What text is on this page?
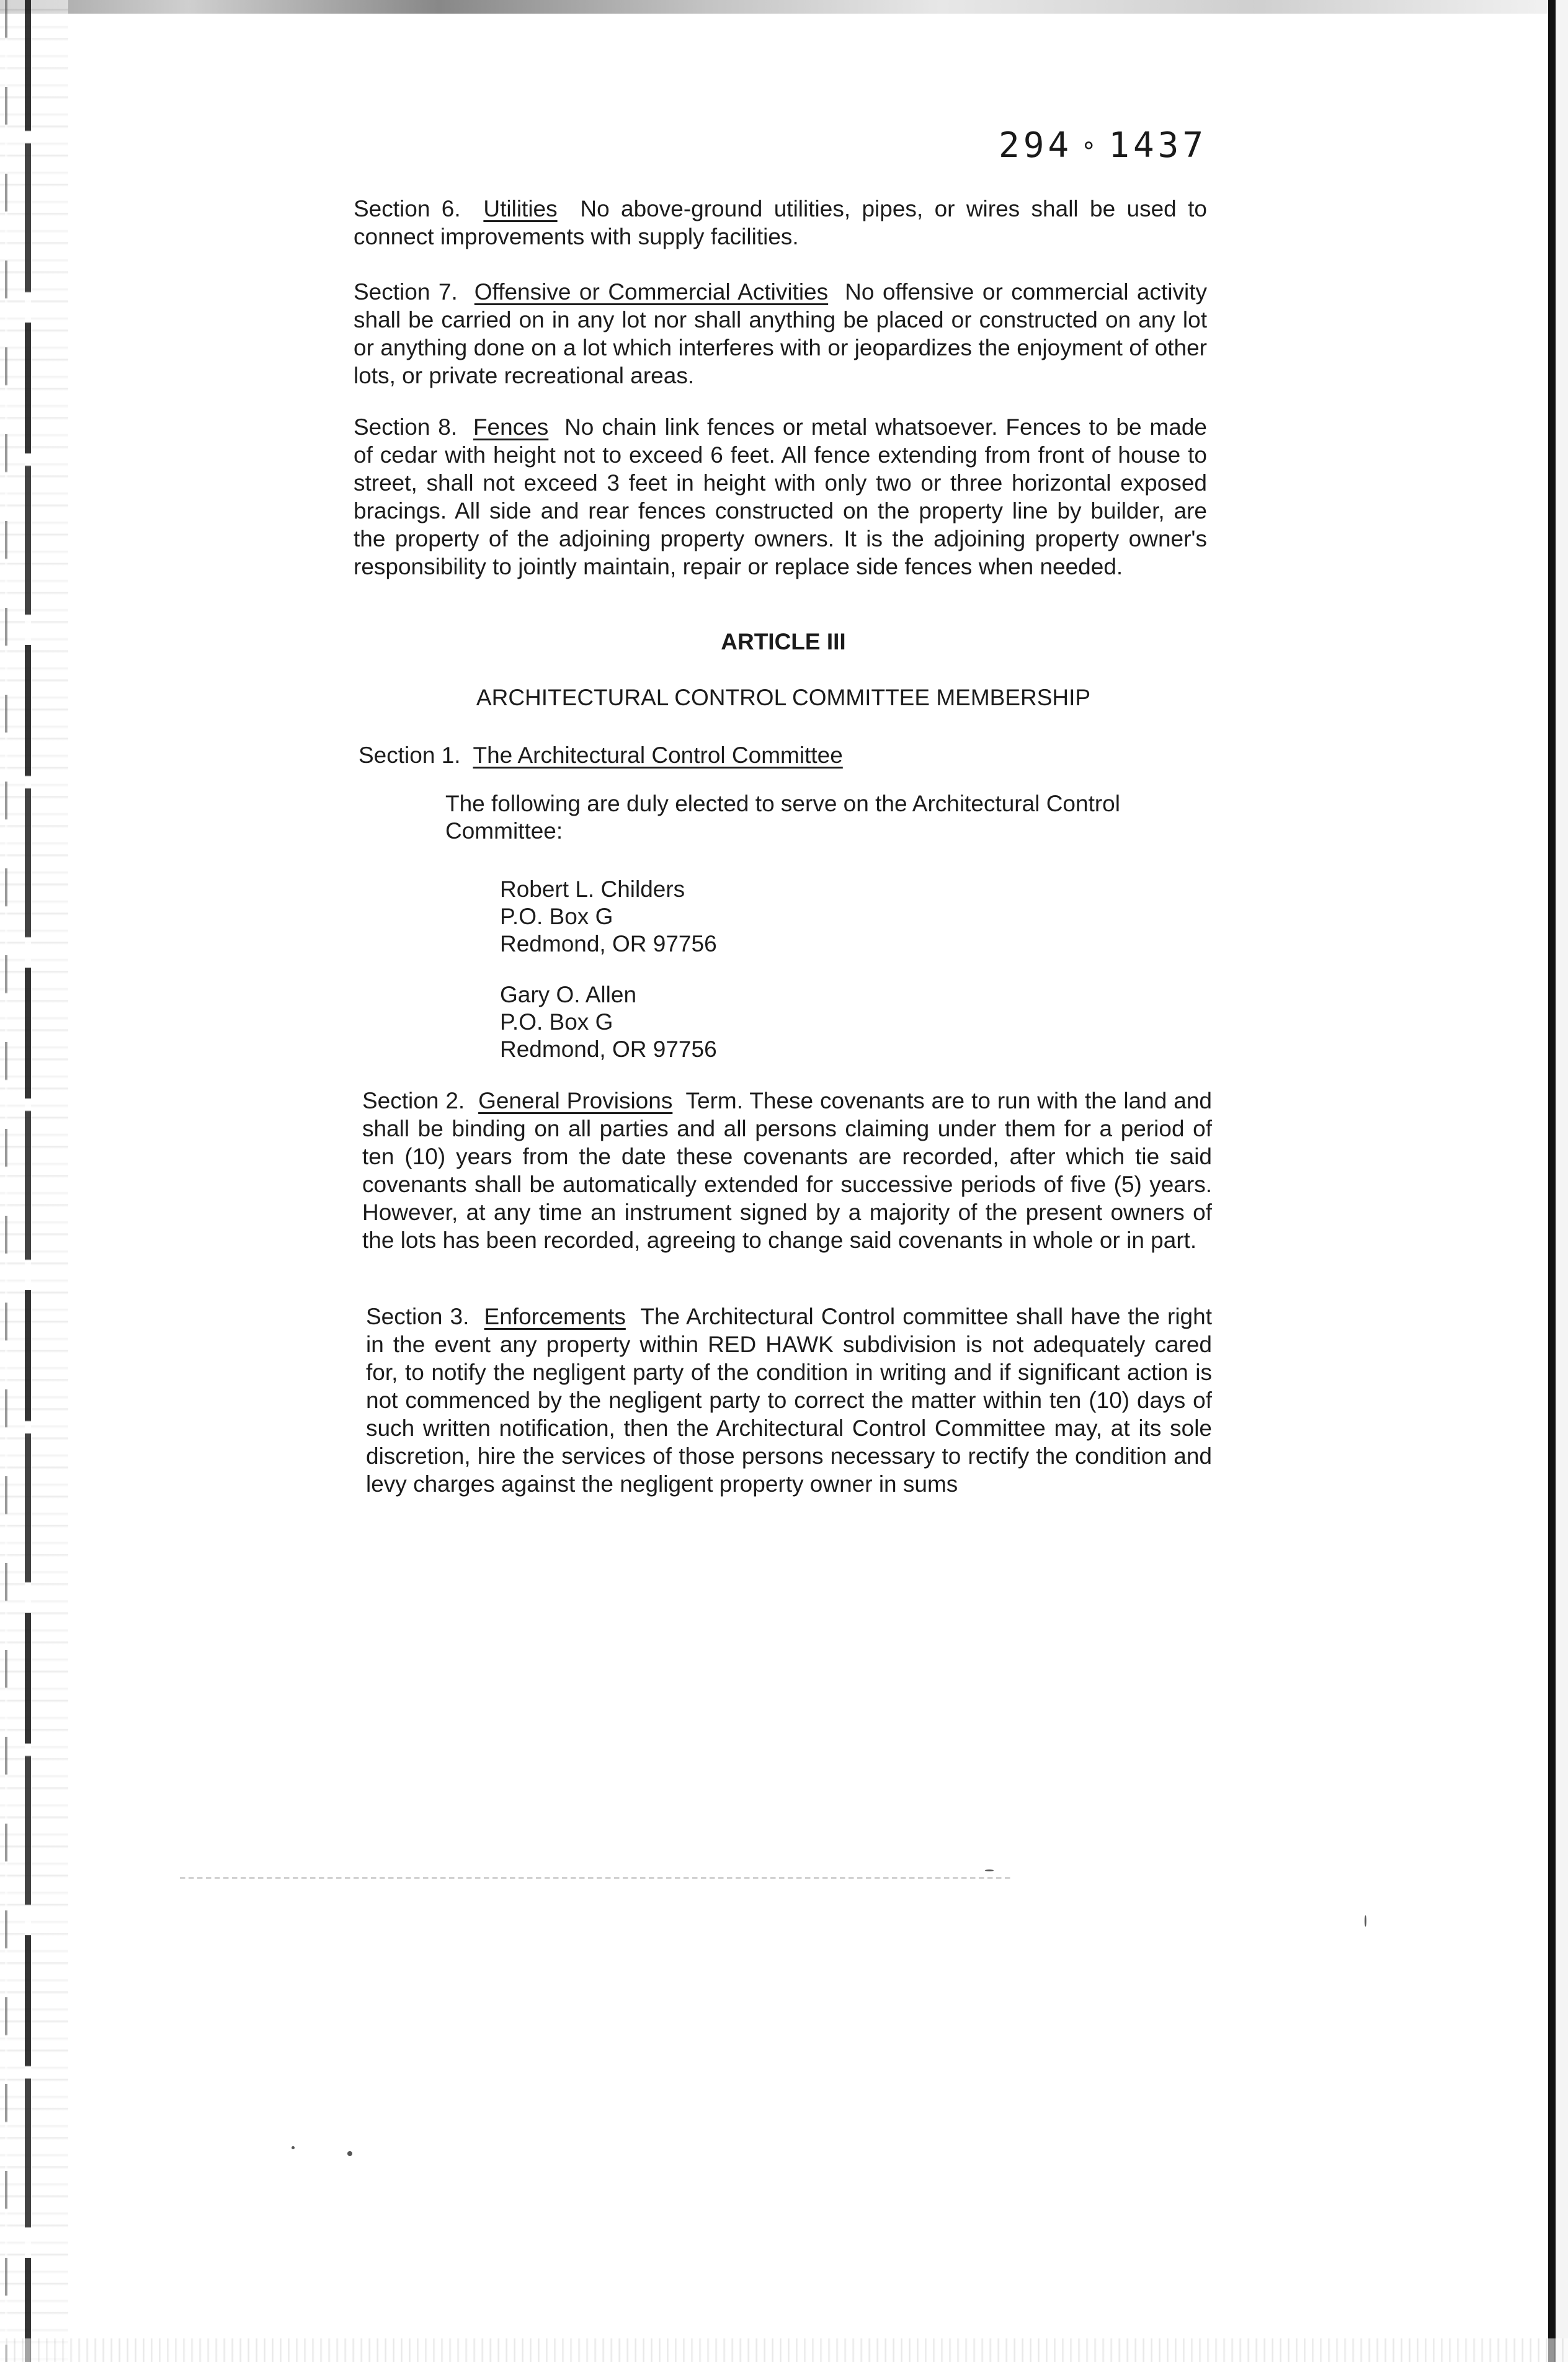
294 ∘ 1437

Section 6. Utilities No above-ground utilities, pipes, or wires shall be used to connect improvements with supply facilities.

Section 7. Offensive or Commercial Activities No offensive or commercial activity shall be carried on in any lot nor shall anything be placed or constructed on any lot or anything done on a lot which interferes with or jeopardizes the enjoyment of other lots, or private recreational areas.

Section 8. Fences No chain link fences or metal whatsoever. Fences to be made of cedar with height not to exceed 6 feet. All fence extending from front of house to street, shall not exceed 3 feet in height with only two or three horizontal exposed bracings. All side and rear fences constructed on the property line by builder, are the property of the adjoining property owners. It is the adjoining property owner's responsibility to jointly maintain, repair or replace side fences when needed.

ARTICLE III

ARCHITECTURAL CONTROL COMMITTEE MEMBERSHIP

Section 1. The Architectural Control Committee

The following are duly elected to serve on the Architectural Control
Committee:

Robert L. Childers
P.O. Box G
Redmond, OR 97756

Gary O. Allen
P.O. Box G
Redmond, OR 97756

Section 2. General Provisions Term. These covenants are to run with the land and shall be binding on all parties and all persons claiming under them for a period of ten (10) years from the date these covenants are recorded, after which tie said covenants shall be automatically extended for successive periods of five (5) years. However, at any time an instrument signed by a majority of the present owners of the lots has been recorded, agreeing to change said covenants in whole or in part.

Section 3. Enforcements The Architectural Control committee shall have the right in the event any property within RED HAWK subdivision is not adequately cared for, to notify the negligent party of the condition in writing and if significant action is not commenced by the negligent party to correct the matter within ten (10) days of such written notification, then the Architectural Control Committee may, at its sole discretion, hire the services of those persons necessary to rectify the condition and levy charges against the negligent property owner in sums
